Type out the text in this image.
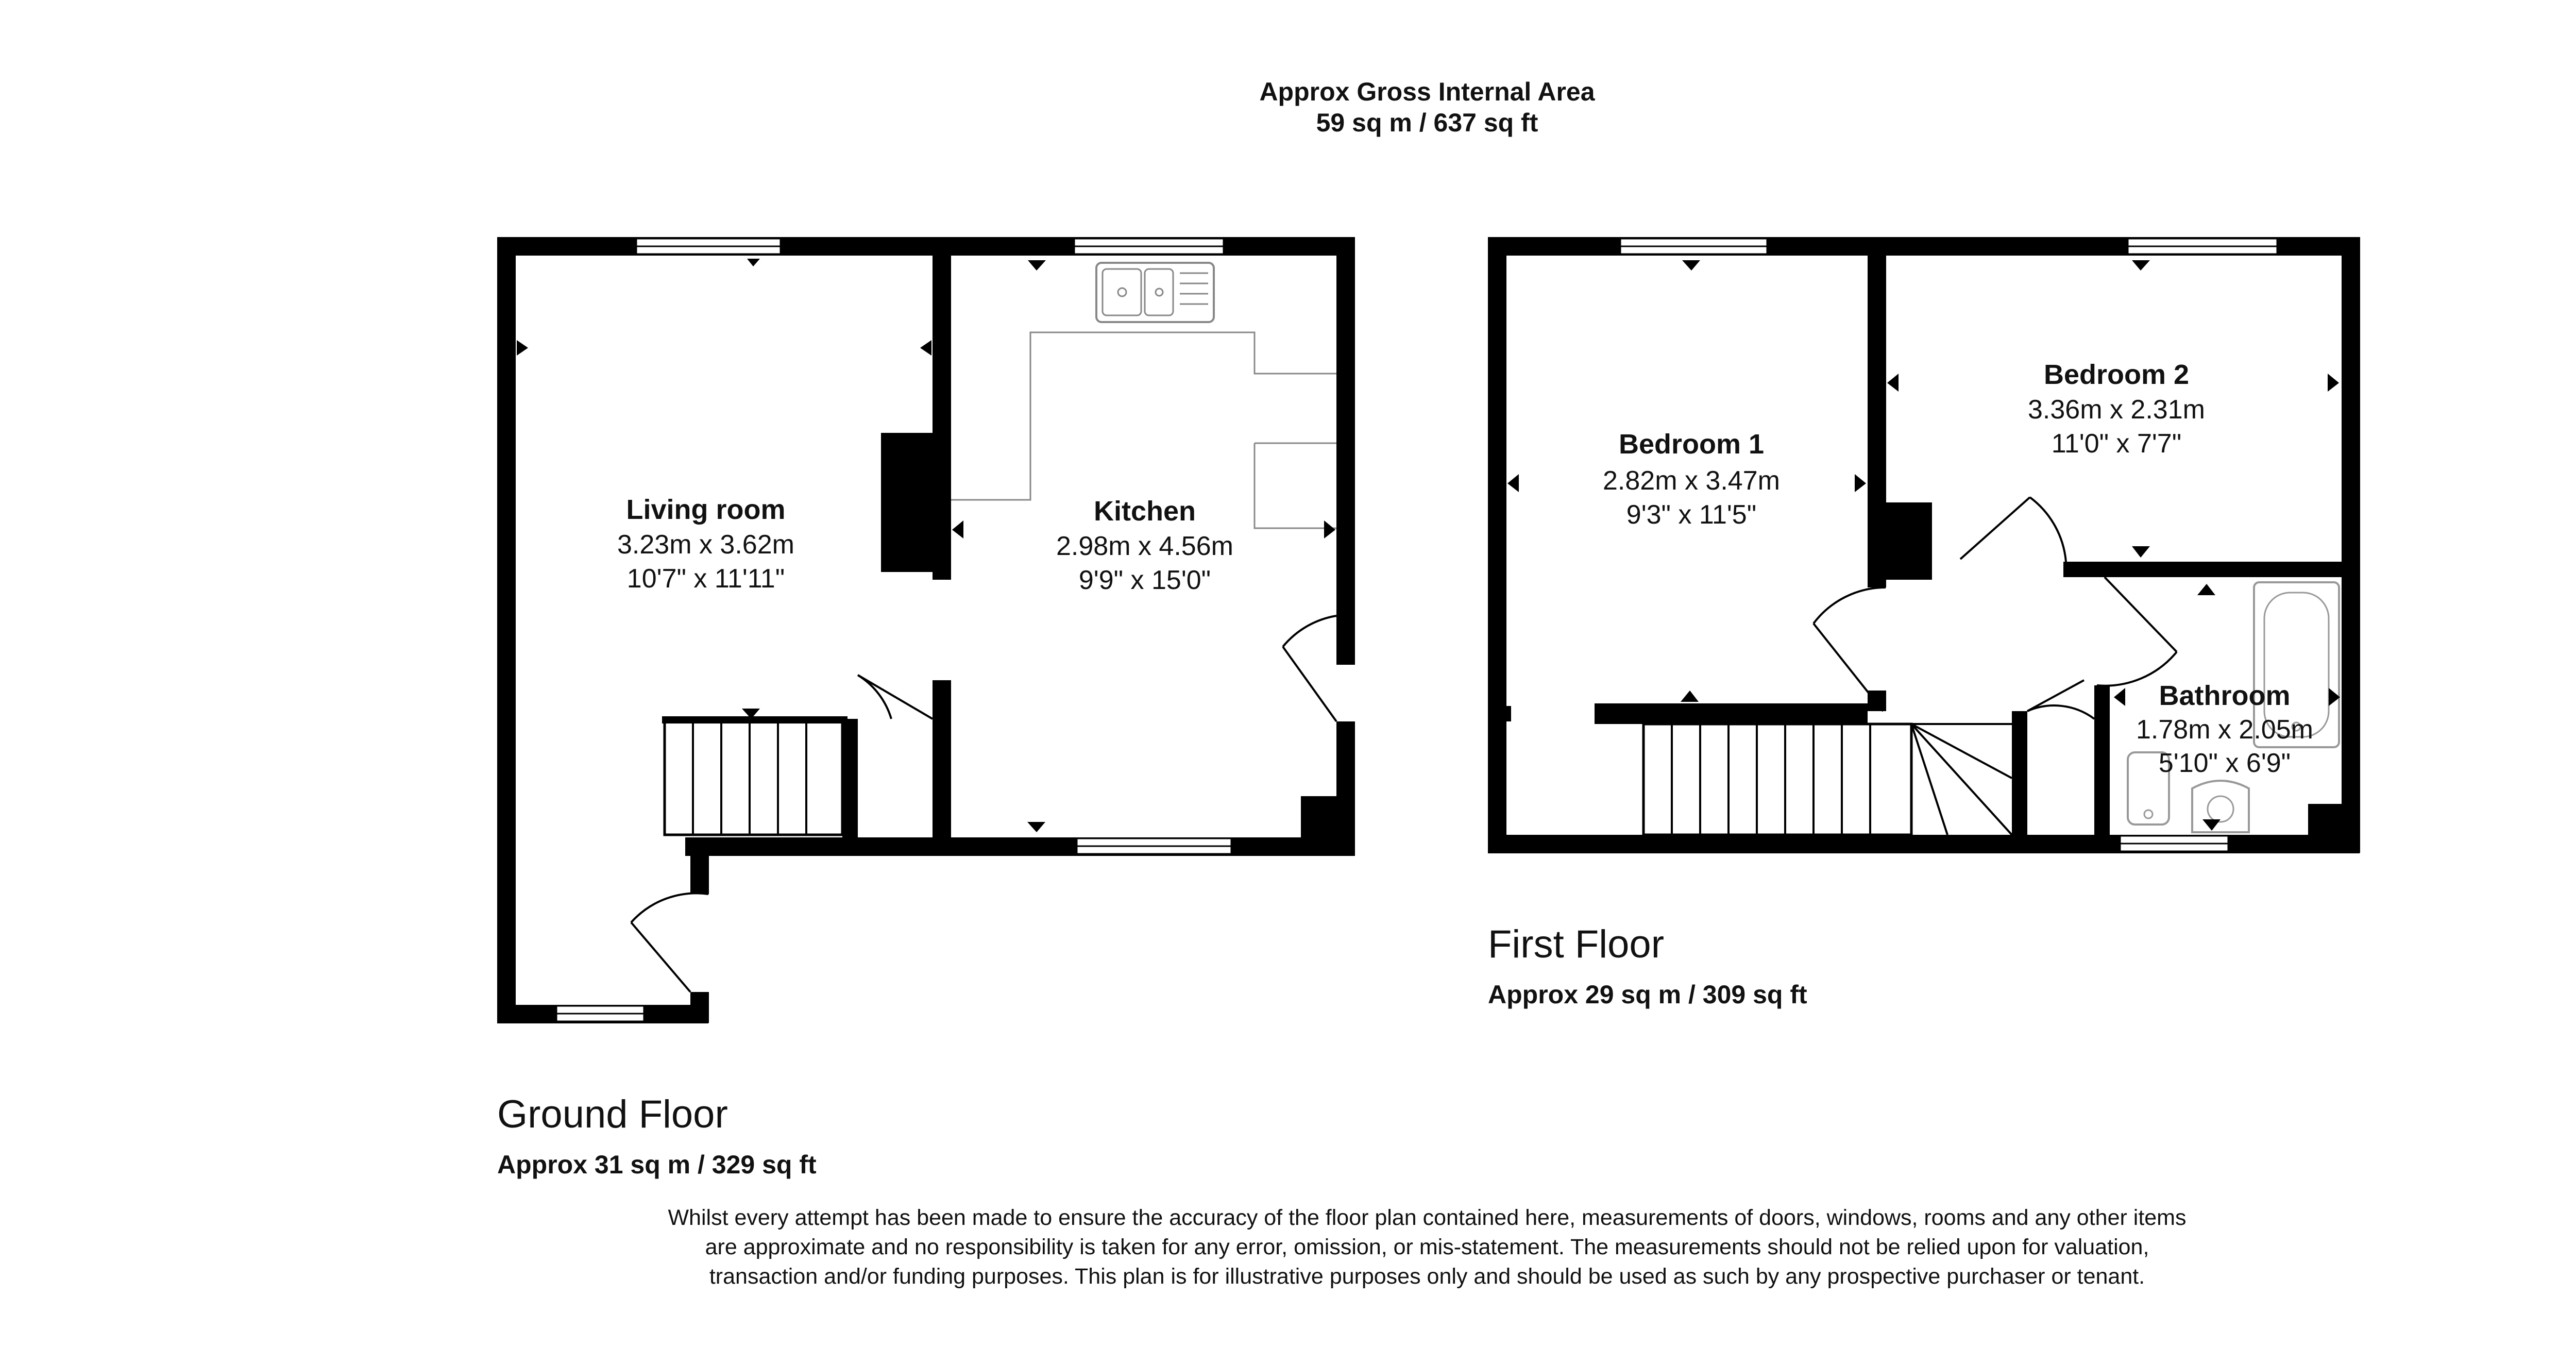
Approx Gross Internal Area
59 sq m / 637 sq ft
Living room
3.23m x 3.62m
10'7" x 11'11"
Kitchen
2.98m x 4.56m
9'9" x 15'0"
Bedroom 1
2.82m x 3.47m
9'3" x 11'5"
Bedroom 2
3.36m x 2.31m
11'0" x 7'7"
Bathroom
1.78m x 2.05m
5'10" x 6'9"
Ground Floor
Approx 31 sq m / 329 sq ft
First Floor
Approx 29 sq m / 309 sq ft
Whilst every attempt has been made to ensure the accuracy of the floor plan contained here, measurements of doors, windows, rooms and any other items are approximate and no responsibility is taken for any error, omission, or mis-statement. The measurements should not be relied upon for valuation, transaction and/or funding purposes. This plan is for illustrative purposes only and should be used as such by any prospective purchaser or tenant.
